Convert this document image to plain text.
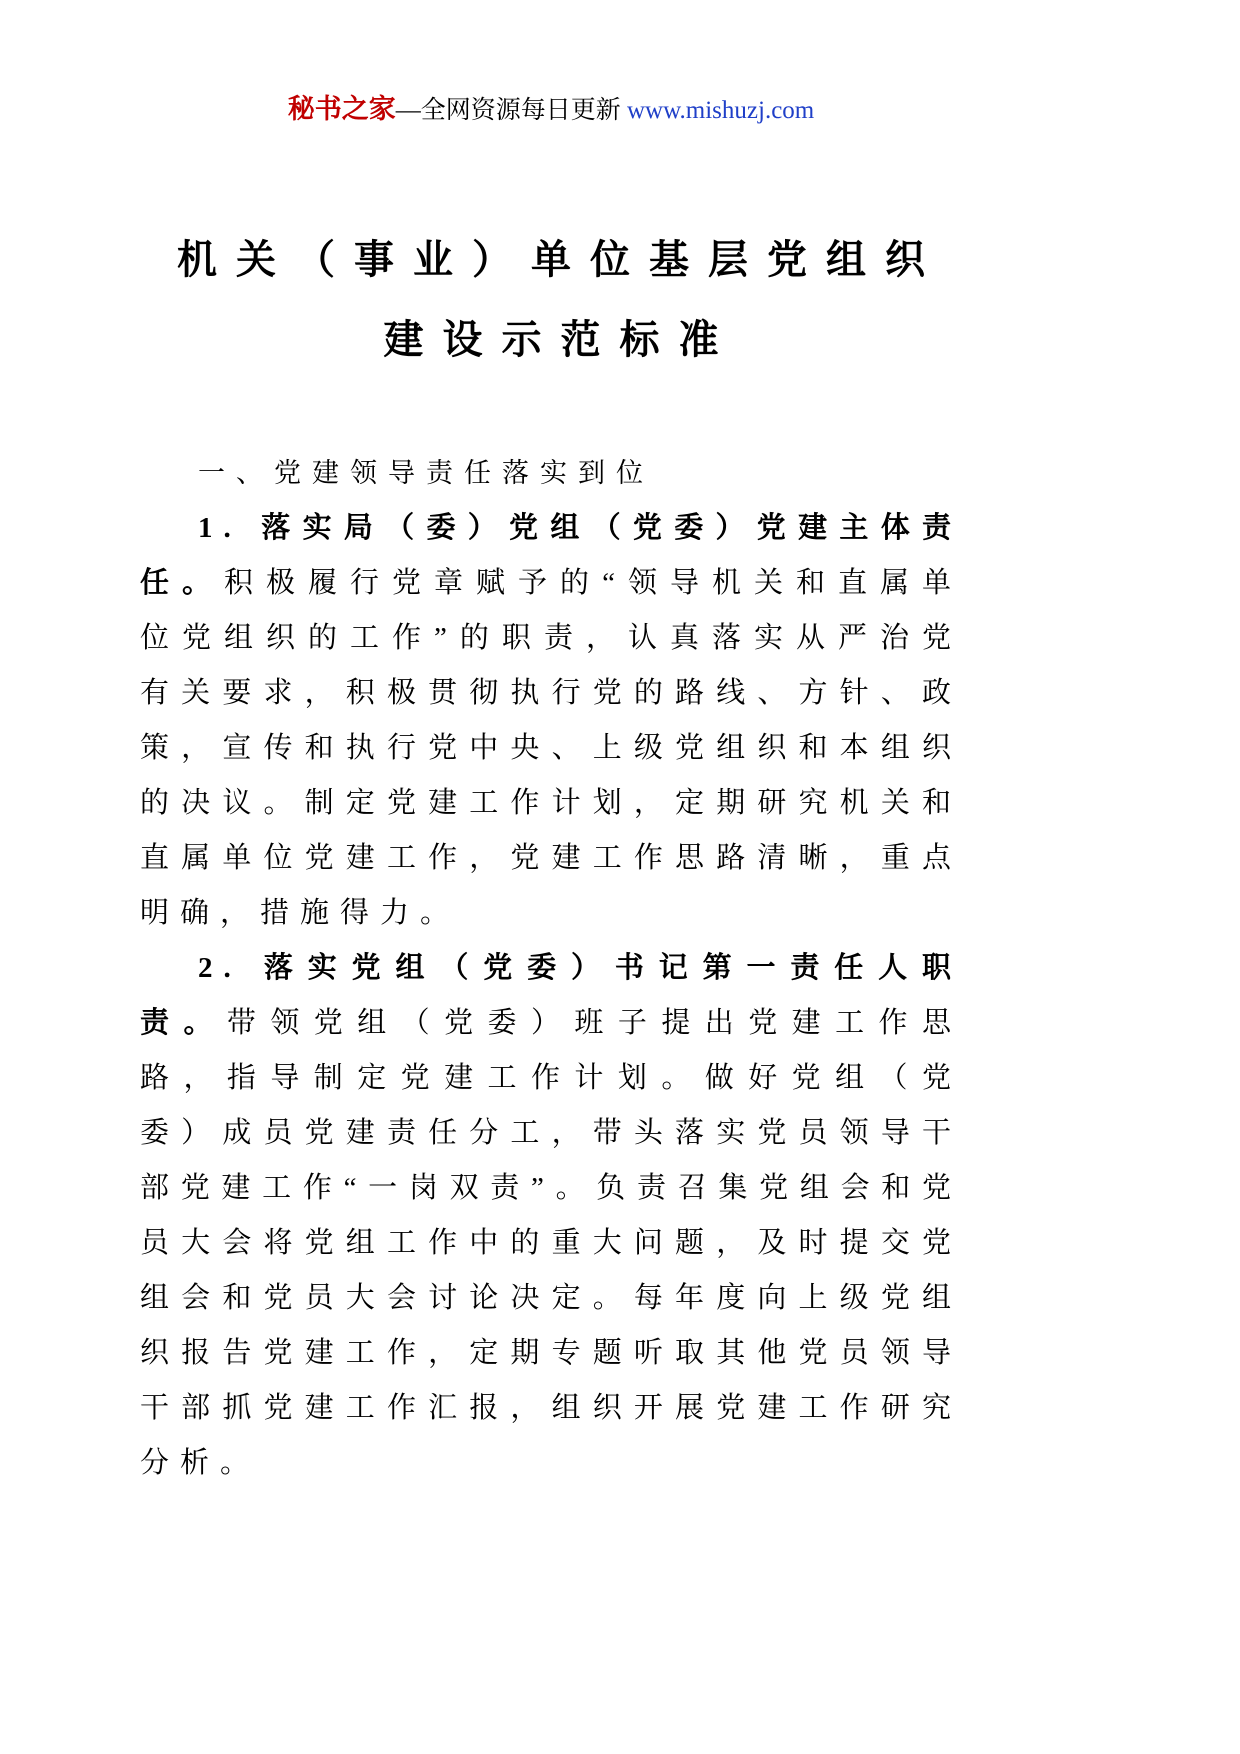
秘书之家—全网资源每日更新 www.mishuzj.com
机关（事业）单位基层党组织
建设示范标准
一、党建领导责任落实到位

1. 落实局（委）党组（党委）党建主体责任。积极履行党章赋予的“领导机关和直属单位党组织的工作”的职责，认真落实从严治党有关要求，积极贯彻执行党的路线、方针、政策，宣传和执行党中央、上级党组织和本组织的决议。制定党建工作计划，定期研究机关和直属单位党建工作，党建工作思路清晰，重点明确，措施得力。

2. 落实党组（党委）书记第一责任人职责。带领党组（党委）班子提出党建工作思路，指导制定党建工作计划。做好党组（党委）成员党建责任分工，带头落实党员领导干部党建工作“一岗双责”。负责召集党组会和党员大会将党组工作中的重大问题，及时提交党组会和党员大会讨论决定。每年度向上级党组织报告党建工作，定期专题听取其他党员领导干部抓党建工作汇报，组织开展党建工作研究分析。
